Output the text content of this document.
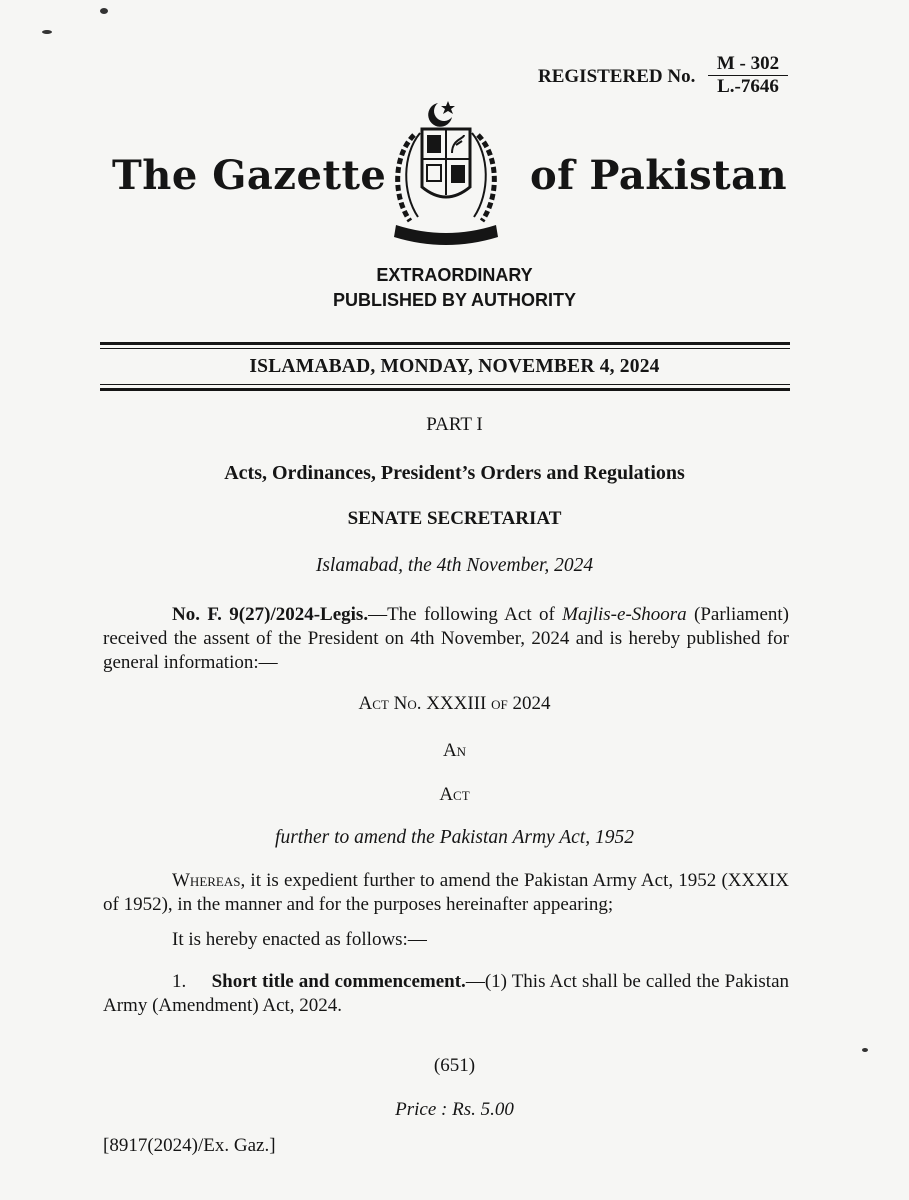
REGISTERED No.
M - 302
L.-7646
The Gazette	of Pakistan
EXTRAORDINARY
PUBLISHED BY AUTHORITY
ISLAMABAD, MONDAY, NOVEMBER 4, 2024
PART I
Acts, Ordinances, President’s Orders and Regulations
SENATE SECRETARIAT
Islamabad, the 4th November, 2024
No. F. 9(27)/2024-Legis.—The following Act of Majlis-e-Shoora (Parliament) received the assent of the President on 4th November, 2024 and is hereby published for general information:—
Act No. XXXIII of 2024
An
Act
further to amend the Pakistan Army Act, 1952
Whereas, it is expedient further to amend the Pakistan Army Act, 1952 (XXXIX of 1952), in the manner and for the purposes hereinafter appearing;
It is hereby enacted as follows:—
1. Short title and commencement.—(1) This Act shall be called the Pakistan Army (Amendment) Act, 2024.
(651)
Price : Rs. 5.00
[8917(2024)/Ex. Gaz.]
